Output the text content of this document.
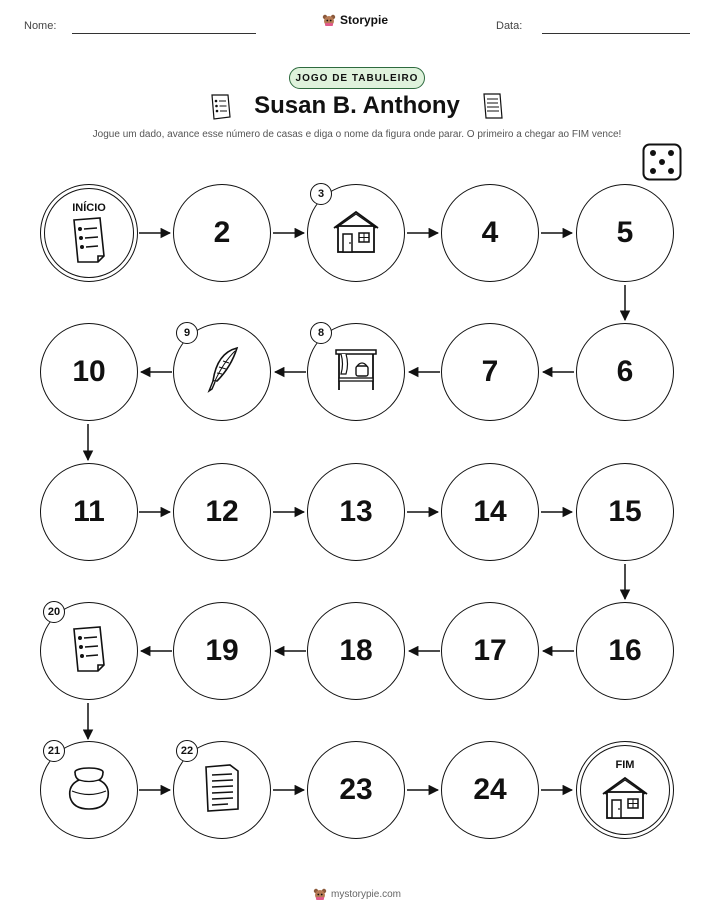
Nome:	Storypie	Data:
JOGO DE TABULEIRO
Susan B. Anthony
Jogue um dado, avance esse número de casas e diga o nome da figura onde parar. O primeiro a chegar ao FIM vence!
INÍCIO
2
3
4	5
6
7
8
9
10
11	12	13	14	15
16
17
18
19
20
21	22
23	24
FIM
mystorypie.com
